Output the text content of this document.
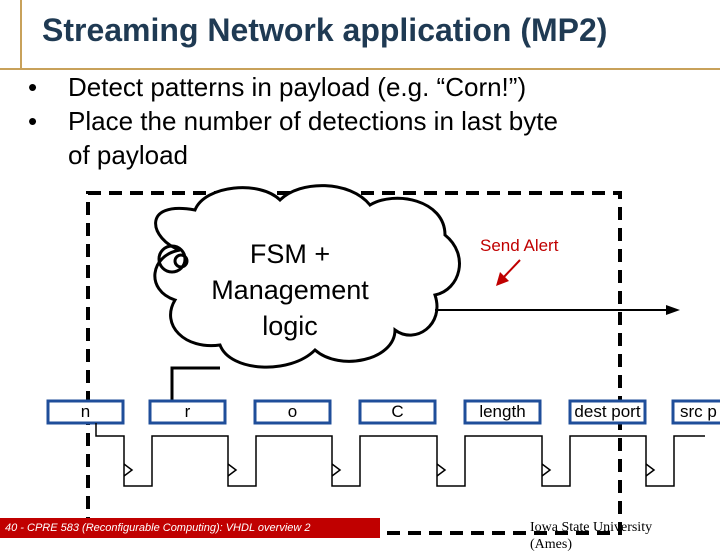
Streaming Network application (MP2)
• Detect patterns in payload (e.g. “Corn!”)
• Place the number of detections in last byte
of payload
FSM +
Management
logic
Send Alert
n	r	o	C	length	dest port src p
40 - CPRE 583 (Reconfigurable Computing): VHDL overview 2	Iowa State University
(Ames)
